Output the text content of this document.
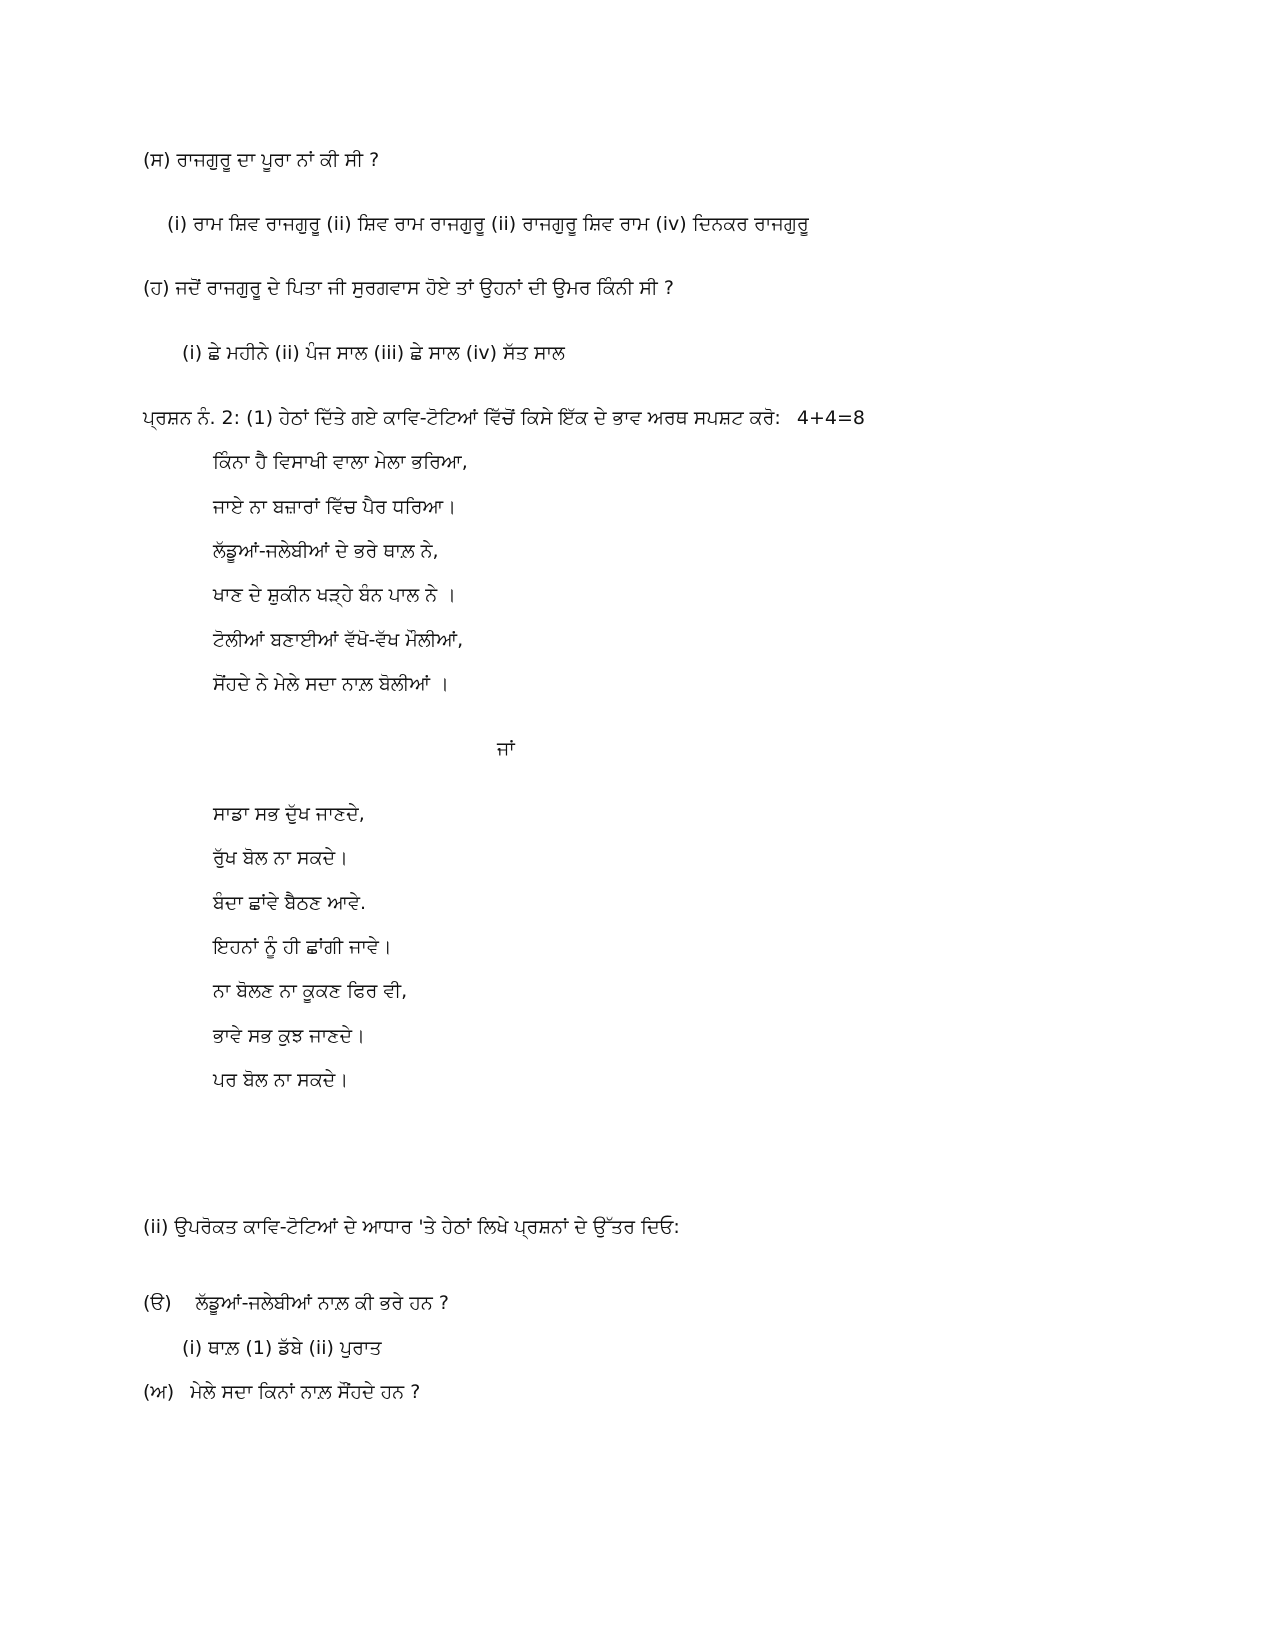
(ਸ) ਰਾਜਗੁਰੂ ਦਾ ਪੂਰਾ ਨਾਂ ਕੀ ਸੀ ?
(i) ਰਾਮ ਸ਼ਿਵ ਰਾਜਗੁਰੂ (ii) ਸ਼ਿਵ ਰਾਮ ਰਾਜਗੁਰੂ (ii) ਰਾਜਗੁਰੂ ਸ਼ਿਵ ਰਾਮ (iv) ਦਿਨਕਰ ਰਾਜਗੁਰੂ
(ਹ) ਜਦੋਂ ਰਾਜਗੁਰੂ ਦੇ ਪਿਤਾ ਜੀ ਸੁਰਗਵਾਸ ਹੋਏ ਤਾਂ ਉਹਨਾਂ ਦੀ ਉਮਰ ਕਿੰਨੀ ਸੀ ?
(i) ਛੇ ਮਹੀਨੇ (ii) ਪੰਜ ਸਾਲ (iii) ਛੇ ਸਾਲ (iv) ਸੱਤ ਸਾਲ
ਪ੍ਰਸ਼ਨ ਨੰ. 2: (1) ਹੇਠਾਂ ਦਿੱਤੇ ਗਏ ਕਾਵਿ-ਟੋਟਿਆਂ ਵਿੱਚੋਂ ਕਿਸੇ ਇੱਕ ਦੇ ਭਾਵ ਅਰਥ ਸਪਸ਼ਟ ਕਰੋ: 4+4=8
ਕਿੰਨਾ ਹੈ ਵਿਸਾਖੀ ਵਾਲਾ ਮੇਲਾ ਭਰਿਆ,
ਜਾਏ ਨਾ ਬਜ਼ਾਰਾਂ ਵਿੱਚ ਪੈਰ ਧਰਿਆ।
ਲੱਡੂਆਂ-ਜਲੇਬੀਆਂ ਦੇ ਭਰੇ ਥਾਲ਼ ਨੇ,
ਖਾਣ ਦੇ ਸ਼ੁਕੀਨ ਖੜ੍ਹੇ ਬੰਨ ਪਾਲ ਨੇ ।
ਟੋਲੀਆਂ ਬਣਾਈਆਂ ਵੱਖੋ-ਵੱਖ ਮੌਲੀਆਂ,
ਸੋਂਹਦੇ ਨੇ ਮੇਲੇ ਸਦਾ ਨਾਲ਼ ਬੋਲੀਆਂ ।
ਜਾਂ
ਸਾਡਾ ਸਭ ਦੁੱਖ ਜਾਣਦੇ,
ਰੁੱਖ ਬੋਲ ਨਾ ਸਕਦੇ।
ਬੰਦਾ ਛਾਂਵੇ ਬੈਠਣ ਆਵੇ.
ਇਹਨਾਂ ਨੂੰ ਹੀ ਛਾਂਗੀ ਜਾਵੇ।
ਨਾ ਬੋਲਣ ਨਾ ਕੂਕਣ ਫਿਰ ਵੀ,
ਭਾਵੇ ਸਭ ਕੁਝ ਜਾਣਦੇ।
ਪਰ ਬੋਲ ਨਾ ਸਕਦੇ।
(ii) ਉਪਰੋਕਤ ਕਾਵਿ-ਟੋਟਿਆਂ ਦੇ ਆਧਾਰ 'ਤੇ ਹੇਠਾਂ ਲਿਖੇ ਪ੍ਰਸ਼ਨਾਂ ਦੇ ਉੱਤਰ ਦਿਓ:
(ੳ) ਲੱਡੂਆਂ-ਜਲੇਬੀਆਂ ਨਾਲ਼ ਕੀ ਭਰੇ ਹਨ ?
(i) ਥਾਲ਼ (1) ਡੱਬੇ (ii) ਪੁਰਾਤ
(ਅ) ਮੇਲੇ ਸਦਾ ਕਿਨਾਂ ਨਾਲ਼ ਸੌਂਹਦੇ ਹਨ ?
